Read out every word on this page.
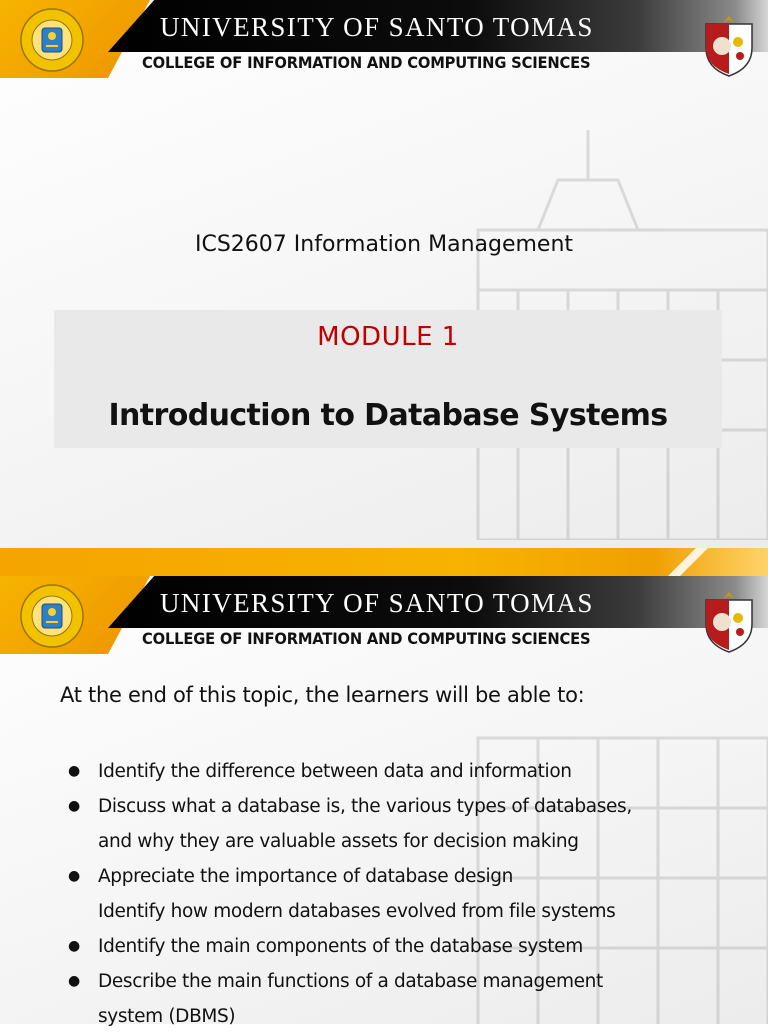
UNIVERSITY OF SANTO TOMAS
COLLEGE OF INFORMATION AND COMPUTING SCIENCES
ICS2607 Information Management
MODULE 1
Introduction to Database Systems
UNIVERSITY OF SANTO TOMAS
COLLEGE OF INFORMATION AND COMPUTING SCIENCES
At the end of this topic, the learners will be able to:
● Identify the difference between data and information
● Discuss what a database is, the various types of databases,
and why they are valuable assets for decision making
● Appreciate the importance of database design
Identify how modern databases evolved from file systems
● Identify the main components of the database system
● Describe the main functions of a database management
system (DBMS)
